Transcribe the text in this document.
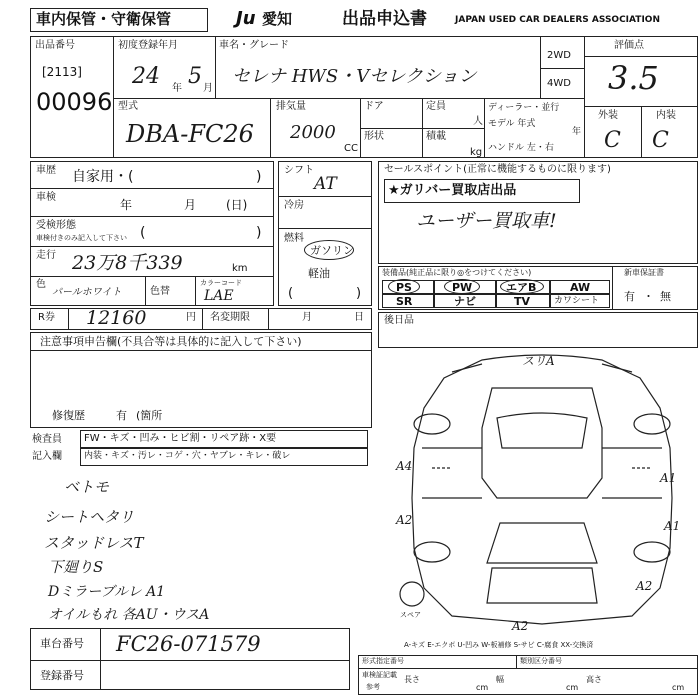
車内保管・守衛保管	Ju 愛知	出品申込書	JAPAN USED CAR DEALERS ASSOCIATION
出品番号
[2113]
00096
初度登録年月
24 年 5 月
車名・グレード
セレナ HWS・Vセレクション
2WD
4WD
評価点
3.5
型式
DBA-FC26
排気量
2000
CC
ドア	定員
人
形状	積載
kg
ディーラー・並行
モデル 年式
年
ハンドル 左・右
外装	内装
C C
車歴 自家用・(	)
車検
年	月 (日)
受検形態
車検付きのみ記入して下さい (	)
走行 23万8千339	km
色
パールホワイト	色替
カラーコード
LAE
シフト
AT
冷房
燃料
ガソリン
軽油
(	)
セールスポイント(正常に機能するものに限ります)
★ガリバー買取店出品
ユーザー買取車!
装備品(純正品に限り◎をつけてください)
PS	PW	エアB	AW
SR	ナビ	TV	カワシート
新車保証書
有 ・ 無
R券 12160	円 名変期限	月	日 後日品
注意事項申告欄(不具合等は具体的に記入して下さい)
修復歴	有 (箇所
検査員
記入欄
FW・キズ・凹み・ヒビ割・リペア跡・X要
内装・キズ・汚レ・コゲ・穴・ヤブレ・キレ・破レ
ベトモ
シートヘタリ
スタッドレスT
下廻りS
Dミラーブルレ A1
オイルもれ 各AU・ウスA
車台番号 FC26-071579
登録番号
スリA
A4
A2
A1
A1
A2
A2
スペア
A-キズ E-エクボ U-凹み W-板補修 S-サビ C-腐食 XX-交換済
形式指定番号	類別区分番号
車検証記載
参考
長さ
cm
幅
cm
高さ
cm
